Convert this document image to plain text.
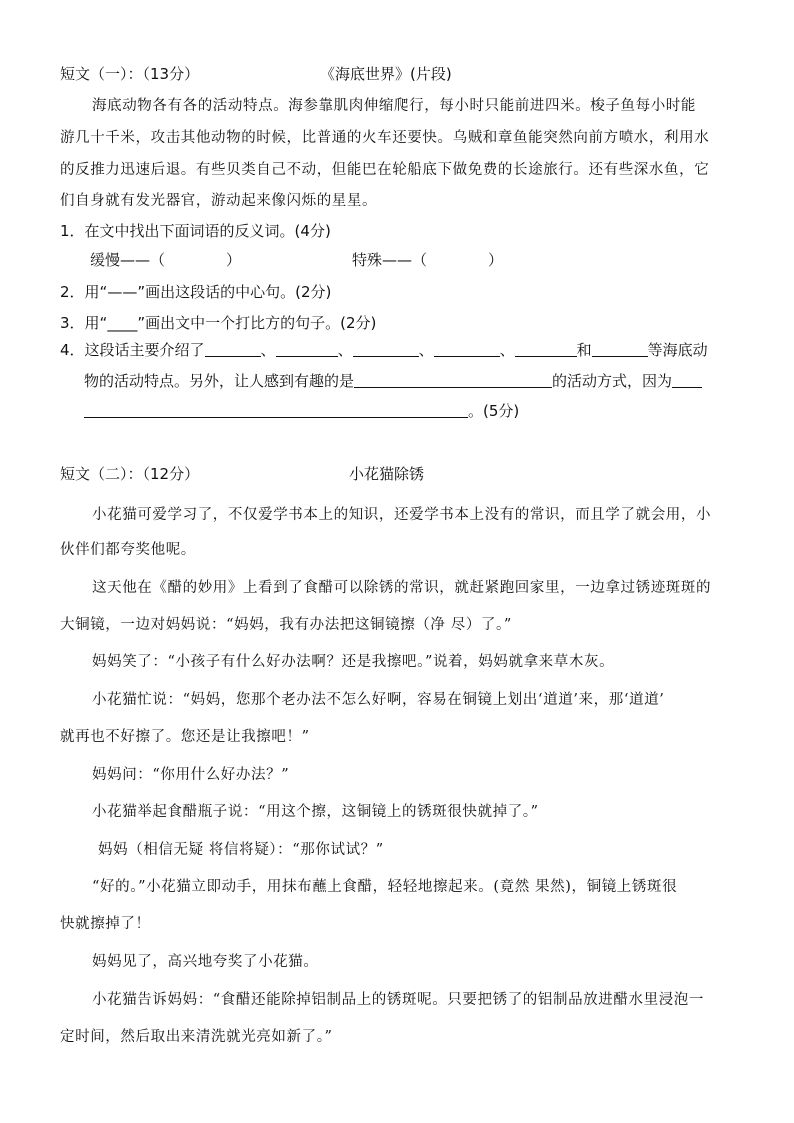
短文（一）：（13分）	《海底世界》(片段)
海底动物各有各的活动特点。海参靠肌肉伸缩爬行，每小时只能前进四米。梭子鱼每小时能
游几十千米，攻击其他动物的时候，比普通的火车还要快。乌贼和章鱼能突然向前方喷水，利用水
的反推力迅速后退。有些贝类自己不动，但能巴在轮船底下做免费的长途旅行。还有些深水鱼，它
们自身就有发光器官，游动起来像闪烁的星星。
1．在文中找出下面词语的反义词。(4分)
缓慢——（	）	特殊——（	）
2．用“——”画出这段话的中心句。(2分)
3．用“____”画出文中一个打比方的句子。(2分)
4．这段话主要介绍了	、	、	、	、	和	等海底动
物的活动特点。另外，让人感到有趣的是	的活动方式，因为
。(5分)
短文（二）：（12分）	小花猫除锈
小花猫可爱学习了，不仅爱学书本上的知识，还爱学书本上没有的常识，而且学了就会用，小
伙伴们都夸奖他呢。
这天他在《醋的妙用》上看到了食醋可以除锈的常识，就赶紧跑回家里，一边拿过锈迹斑斑的
大铜镜，一边对妈妈说：“妈妈，我有办法把这铜镜擦（净 尽）了。”
妈妈笑了：“小孩子有什么好办法啊？还是我擦吧。”说着，妈妈就拿来草木灰。
小花猫忙说：“妈妈，您那个老办法不怎么好啊，容易在铜镜上划出‘道道’来，那‘道道’
就再也不好擦了。您还是让我擦吧！”
妈妈问：“你用什么好办法？”
小花猫举起食醋瓶子说：“用这个擦，这铜镜上的锈斑很快就掉了。”
妈妈（相信无疑 将信将疑）：“那你试试？”
“好的。”小花猫立即动手，用抹布蘸上食醋，轻轻地擦起来。(竟然 果然)，铜镜上锈斑很
快就擦掉了！
妈妈见了，高兴地夸奖了小花猫。
小花猫告诉妈妈：“食醋还能除掉铝制品上的锈斑呢。只要把锈了的铝制品放进醋水里浸泡一
定时间，然后取出来清洗就光亮如新了。”
